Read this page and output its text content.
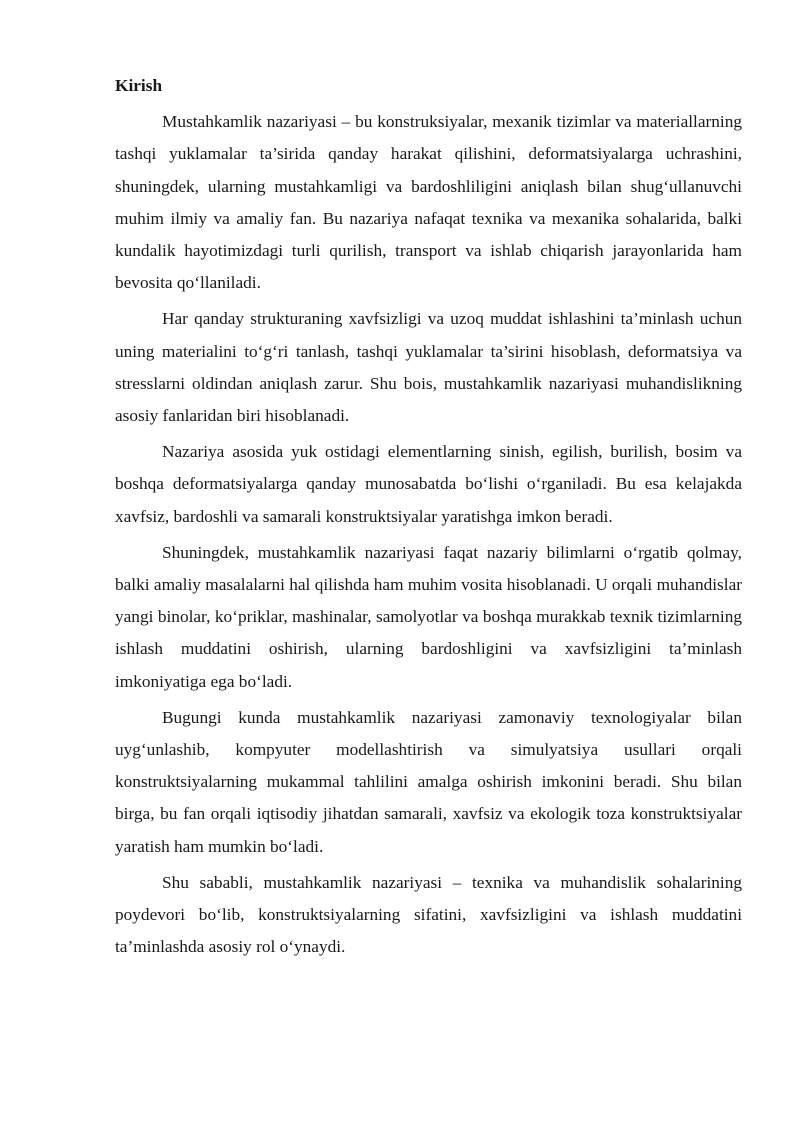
Kirish

Mustahkamlik nazariyasi – bu konstruksiyalar, mexanik tizimlar va materiallarning tashqi yuklamalar ta’sirida qanday harakat qilishini, deformatsiyalarga uchrashini, shuningdek, ularning mustahkamligi va bardoshliligini aniqlash bilan shug‘ullanuvchi muhim ilmiy va amaliy fan. Bu nazariya nafaqat texnika va mexanika sohalarida, balki kundalik hayotimizdagi turli qurilish, transport va ishlab chiqarish jarayonlarida ham bevosita qo‘llaniladi.

Har qanday strukturaning xavfsizligi va uzoq muddat ishlashini ta’minlash uchun uning materialini to‘g‘ri tanlash, tashqi yuklamalar ta’sirini hisoblash, deformatsiya va stresslarni oldindan aniqlash zarur. Shu bois, mustahkamlik nazariyasi muhandislikning asosiy fanlaridan biri hisoblanadi.

Nazariya asosida yuk ostidagi elementlarning sinish, egilish, burilish, bosim va boshqa deformatsiyalarga qanday munosabatda bo‘lishi o‘rganiladi. Bu esa kelajakda xavfsiz, bardoshli va samarali konstruktsiyalar yaratishga imkon beradi.

Shuningdek, mustahkamlik nazariyasi faqat nazariy bilimlarni o‘rgatib qolmay, balki amaliy masalalarni hal qilishda ham muhim vosita hisoblanadi. U orqali muhandislar yangi binolar, ko‘priklar, mashinalar, samolyotlar va boshqa murakkab texnik tizimlarning ishlash muddatini oshirish, ularning bardoshligini va xavfsizligini ta’minlash imkoniyatiga ega bo‘ladi.

Bugungi kunda mustahkamlik nazariyasi zamonaviy texnologiyalar bilan uyg‘unlashib, kompyuter modellashtirish va simulyatsiya usullari orqali konstruktsiyalarning mukammal tahlilini amalga oshirish imkonini beradi. Shu bilan birga, bu fan orqali iqtisodiy jihatdan samarali, xavfsiz va ekologik toza konstruktsiyalar yaratish ham mumkin bo‘ladi.

Shu sababli, mustahkamlik nazariyasi – texnika va muhandislik sohalarining poydevori bo‘lib, konstruktsiyalarning sifatini, xavfsizligini va ishlash muddatini ta’minlashda asosiy rol o‘ynaydi.
